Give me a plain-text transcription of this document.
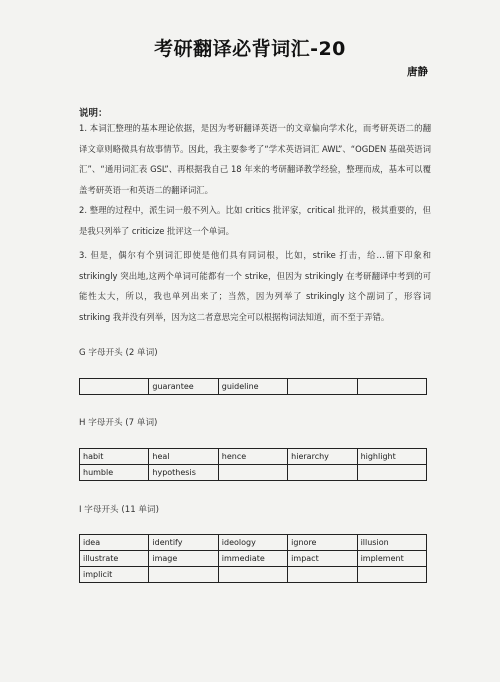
考研翻译必背词汇-20
唐静
说明：
1. 本词汇整理的基本理论依据，是因为考研翻译英语一的文章偏向学术化，而考研英语二的翻译文章则略微具有故事情节。因此，我主要参考了“学术英语词汇 AWL”、“OGDEN 基础英语词汇”、“通用词汇表 GSL”、再根据我自己 18 年来的考研翻译教学经验，整理而成，基本可以覆盖考研英语一和英语二的翻译词汇。
2. 整理的过程中，派生词一般不列入。比如 critics 批评家，critical 批评的，极其重要的，但是我只列举了 criticize 批评这一个单词。
3. 但是，偶尔有个别词汇即使是他们具有同词根，比如，strike 打击，给…留下印象和 strikingly 突出地,这两个单词可能都有一个 strike，但因为 strikingly 在考研翻译中考到的可能性太大，所以，我也单列出来了；当然，因为列举了 strikingly 这个副词了，形容词 striking 我并没有列举，因为这二者意思完全可以根据构词法知道，而不至于弄错。
G 字母开头 (2 单词)
	guarantee	guideline		
H 字母开头 (7 单词)
habit	heal	hence	hierarchy	highlight
humble	hypothesis			
I 字母开头 (11 单词)
idea	identify	ideology	ignore	illusion
illustrate	image	immediate	impact	implement
implicit				
